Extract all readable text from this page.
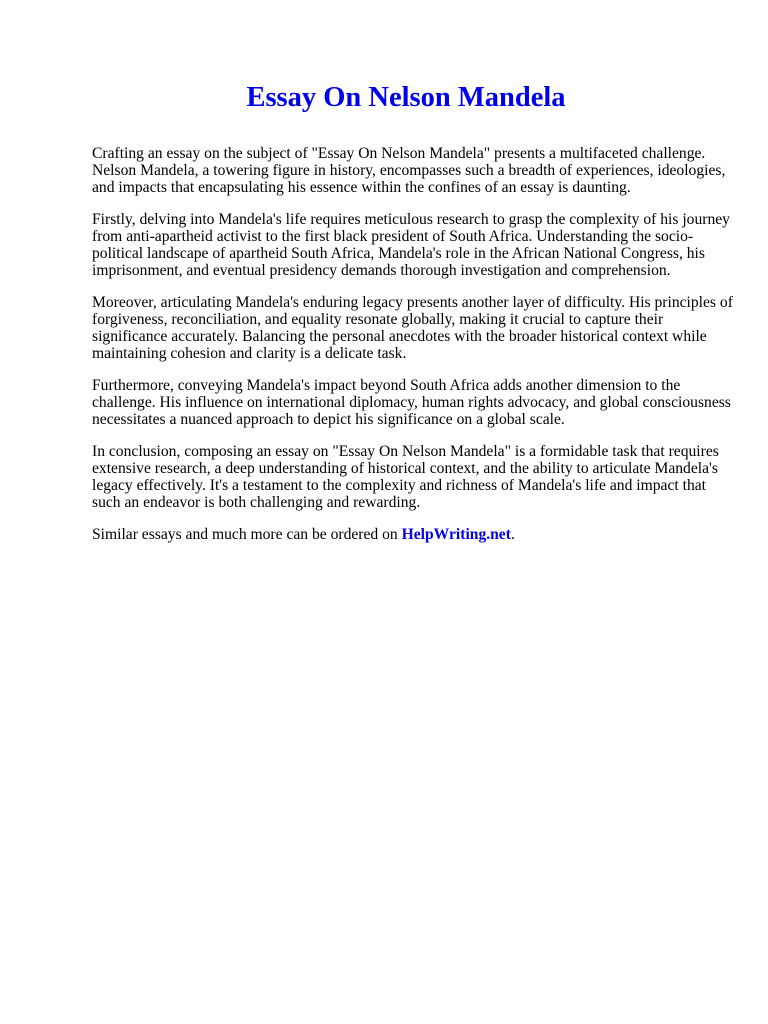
Essay On Nelson Mandela

Crafting an essay on the subject of "Essay On Nelson Mandela" presents a multifaceted challenge. Nelson Mandela, a towering figure in history, encompasses such a breadth of experiences, ideologies, and impacts that encapsulating his essence within the confines of an essay is daunting.

Firstly, delving into Mandela's life requires meticulous research to grasp the complexity of his journey from anti-apartheid activist to the first black president of South Africa. Understanding the socio-political landscape of apartheid South Africa, Mandela's role in the African National Congress, his imprisonment, and eventual presidency demands thorough investigation and comprehension.

Moreover, articulating Mandela's enduring legacy presents another layer of difficulty. His principles of forgiveness, reconciliation, and equality resonate globally, making it crucial to capture their significance accurately. Balancing the personal anecdotes with the broader historical context while maintaining cohesion and clarity is a delicate task.

Furthermore, conveying Mandela's impact beyond South Africa adds another dimension to the challenge. His influence on international diplomacy, human rights advocacy, and global consciousness necessitates a nuanced approach to depict his significance on a global scale.

In conclusion, composing an essay on "Essay On Nelson Mandela" is a formidable task that requires extensive research, a deep understanding of historical context, and the ability to articulate Mandela's legacy effectively. It's a testament to the complexity and richness of Mandela's life and impact that such an endeavor is both challenging and rewarding.

Similar essays and much more can be ordered on HelpWriting.net.
